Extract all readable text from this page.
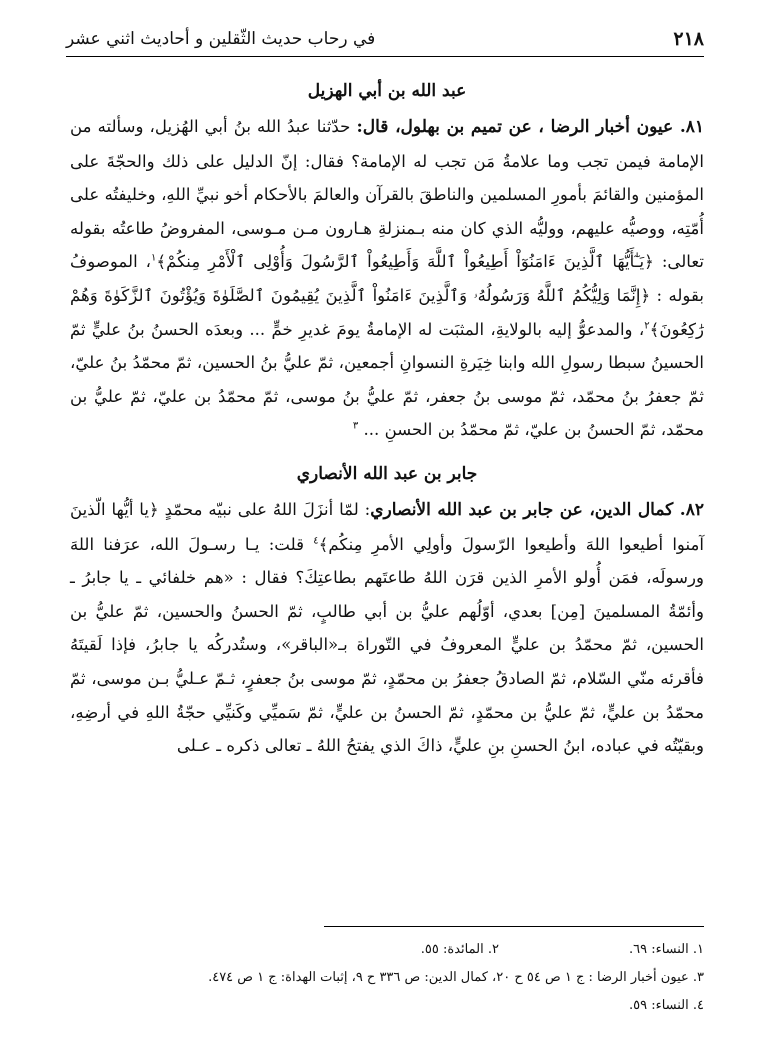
٢١٨
في رحاب حديث الثّقلين و أحاديث اثني عشر
عبد الله بن أبي الهزيل

٨١. عيون أخبار الرضا ، عن تميم بن بهلول، قال: حدّثنا عبدُ الله بنُ أبي الهُزيل، وسألته من الإمامة فيمن تجب وما علامةُ مَن تجب له الإمامة؟ فقال: إنّ الدليل على ذلك والحجّةَ على المؤمنين والقائمَ بأمورِ المسلمين والناطقَ بالقرآن والعالمَ بالأحكام أخو نبيِّ اللهِ، وخليفتُه على أُمّتِه، ووصيُّه عليهم، ووليُّه الذي كان منه بـمنزلةِ هـارون مـن مـوسى، المفروضُ طاعتُه بقوله تعالى: ﴿يَـٰٓأَيُّهَا ٱلَّذِينَ ءَامَنُوٓاْ أَطِيعُواْ ٱللَّهَ وَأَطِيعُواْ ٱلرَّسُولَ وَأُوْلِى ٱلْأَمْرِ مِنكُمْ﴾$^١$، الموصوفُ بقوله : ﴿إِنَّمَا وَلِيُّكُمُ ٱللَّهُ وَرَسُولُهُۥ وَٱلَّذِينَ ءَامَنُواْ ٱلَّذِينَ يُقِيمُونَ ٱلصَّلَوٰةَ وَيُؤْتُونَ ٱلزَّكَوٰةَ وَهُمْ رَٰكِعُونَ﴾$^٢$، والمدعوُّ إليه بالولايةِ، المثبَت له الإمامةُ يومَ غديرِ خمٍّ ... وبعدَه الحسنُ بنُ عليٍّ ثمّ الحسينُ سبطا رسولِ الله وابنا خِيَرةِ النسوانِ أجمعين، ثمّ عليُّ بنُ الحسين، ثمّ محمّدُ بنُ عليّ، ثمّ جعفرُ بنُ محمّد، ثمّ موسى بنُ جعفر، ثمّ عليُّ بنُ موسى، ثمّ محمّدُ بن عليّ، ثمّ عليُّ بن محمّد، ثمّ الحسنُ بن عليّ، ثمّ محمّدُ بن الحسنِ ... $^٣$

جابر بن عبد الله الأنصاري

٨٢. كمال الدين، عن جابر بن عبد الله الأنصاري: لمّا أنزَلَ اللهُ على نبيّه محمّدٍ ﴿يا أيُّها الّذينَ آمنوا أطيعوا اللهَ وأطيعوا الرّسولَ وأولِي الأمرِ مِنكُم﴾$^٤$ قلت: يـا رسـولَ الله، عرَفنا اللهَ ورسولَه، فمَن أُولو الأمرِ الذين قرَن اللهُ طاعتَهم بطاعتِكَ؟ فقال : «هم خلفائي ـ يا جابرُ ـ وأئمّةُ المسلمينَ [مِن] بعدي، أوّلُهم عليُّ بن أبي طالبٍ، ثمّ الحسنُ والحسين، ثمّ عليُّ بن الحسين، ثمّ محمّدُ بن عليٍّ المعروفُ في التّوراة بـ«الباقر»، وستُدركُه يا جابرُ، فإذا لَقيتَهُ فأقرئه منّي السّلام، ثمّ الصادقُ جعفرُ بن محمّدٍ، ثمّ موسى بنُ جعفرٍ، ثـمّ عـليُّ بـن موسى، ثمّ محمّدُ بن عليٍّ، ثمّ عليُّ بن محمّدٍ، ثمّ الحسنُ بن عليٍّ، ثمّ سَميِّي وكَنيِّي حجّةُ اللهِ في أرضِهِ، وبقيّتُه في عباده، ابنُ الحسنِ بنِ عليٍّ، ذاكَ الذي يفتحُ اللهُ ـ تعالى ذكره ـ عـلى

١. النساء: ٦٩.
٢. المائدة: ٥٥.
٣. عيون أخبار الرضا : ج ١ ص ٥٤ ح ٢٠، كمال الدين: ص ٣٣٦ ح ٩، إثبات الهداة: ج ١ ص ٤٧٤.
٤. النساء: ٥٩.
